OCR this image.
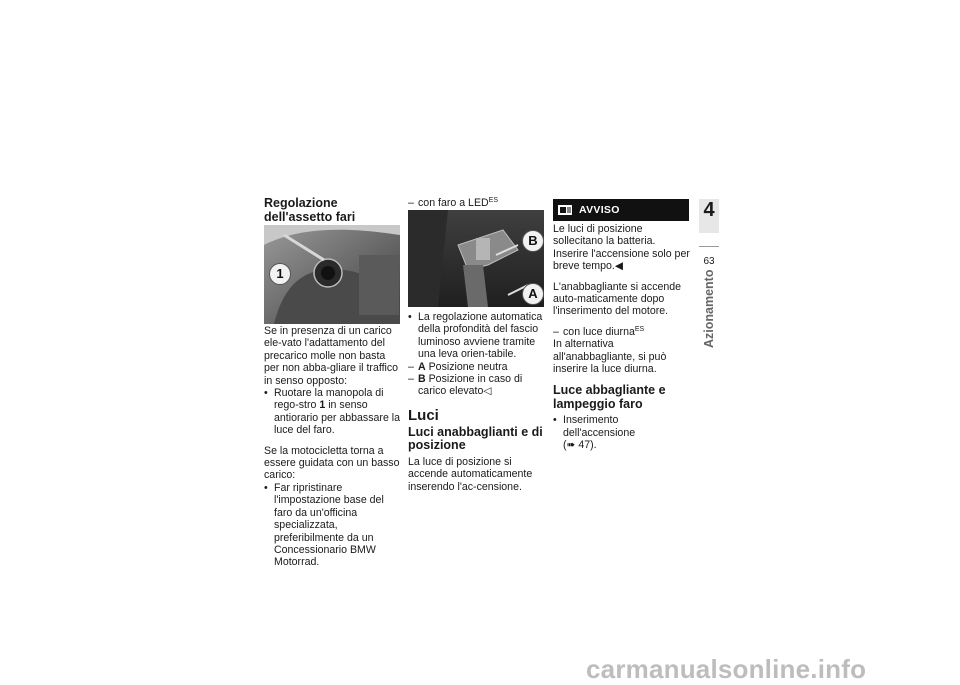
Regolazione dell'assetto fari
1

Se in presenza di un carico ele-vato l'adattamento del precarico molle non basta per non abba-gliare il traffico in senso opposto:

• Ruotare la manopola di rego-stro 1 in senso antiorario per abbassare la luce del faro.

Se la motocicletta torna a essere guidata con un basso carico:

• Far ripristinare l'impostazione base del faro da un'officina specializzata, preferibilmente da un Concessionario BMW Motorrad.

– con faro a $LED^{ES}$

B
A

• La regolazione automatica della profondità del fascio luminoso avviene tramite una leva orien-tabile.

– A Posizione neutra

– B Posizione in caso di carico elevato◁

Luci
Luci anabbaglianti e di posizione

La luce di posizione si accende automaticamente inserendo l'ac-censione.

AVVISO

Le luci di posizione sollecitano la batteria. Inserire l'accensione solo per breve tempo.◀

L'anabbagliante si accende auto-maticamente dopo l'inserimento del motore.

– con luce diurna$^{ES}$

In alternativa all'anabbagliante, si può inserire la luce diurna.

Luce abbagliante e lampeggio faro

• Inserimento dell'accensione

(➠ 47).

4
63
Azionamento
carmanualsonline.info
